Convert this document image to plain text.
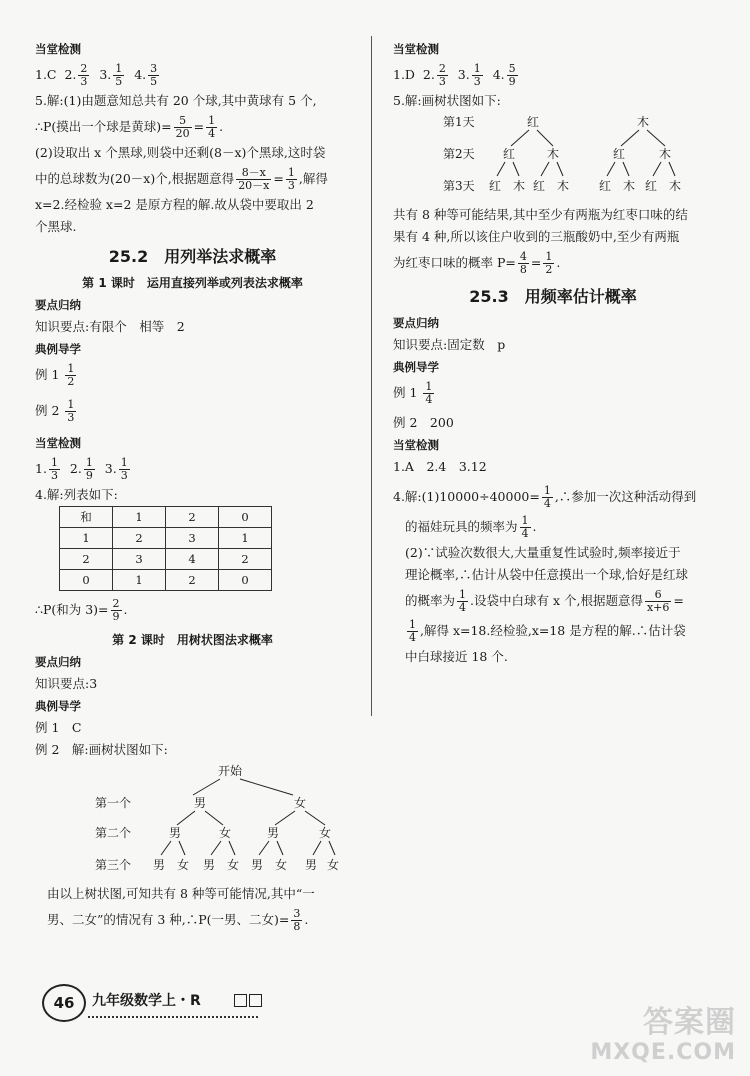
当堂检测
1.C 2. $\frac{2}{3} 3$. $\frac{1}{5} 4$. $\frac{3}{5}$
5.解:(1)由题意知总共有 20 个球,其中黄球有 5 个,
∴P(摸出一个球是黄球)= $\frac{5}{20} = \frac{1}{4}$ .
(2)设取出 x 个黑球,则袋中还剩(8－x)个黑球,这时袋
中的总球数为(20－x)个,根据题意得 $\frac{8-x}{20-x} = \frac{1}{3}$ ,解得
x=2.经检验 x=2 是原方程的解.故从袋中要取出 2
个黑球.
25.2　用列举法求概率
第 1 课时　运用直接列举或列表法求概率
要点归纳
知识要点:有限个　相等　2
典例导学
例 $1 \frac{1}{2}$
例 $2 \frac{1}{3}$
当堂检测
1. $\frac{1}{3} 2$. $\frac{1}{9} 3$. $\frac{1}{3}$
4.解:列表如下:
和	1	2	0
1	2	3	1
2	3	4	2
0	1	2	0
∴P(和为 $3)= \frac{2}{9}$ .
第 2 课时　用树状图法求概率
要点归纳
知识要点:3
典例导学
例 1　C
例 2　解:画树状图如下:
开始
第一个	男	女
第二个	男	女	男	女
第三个 男 女 男 女 男 女 男 女
由以上树状图,可知共有 8 种等可能情况,其中“一
男、二女”的情况有 3 种,∴P(一男、二女)= $\frac{3}{8}$ .
当堂检测
1.D 2. $\frac{2}{3} 3$. $\frac{1}{3} 4$. $\frac{5}{9}$
5.解:画树状图如下:
第1天	红	木
第2天 红	木	红	木
第3天 红 木 红 木 红 木 红 木
共有 8 种等可能结果,其中至少有两瓶为红枣口味的结
果有 4 种,所以该住户收到的三瓶酸奶中,至少有两瓶
为红枣口味的概率 $P= \frac{4}{8} = \frac{1}{2}$ .
25.3　用频率估计概率
要点归纳
知识要点:固定数　p
典例导学
例 $1 \frac{1}{4}$
例 2　200
当堂检测
1.A　2.4　3.12
4.解:(1)10000÷40000= $\frac{1}{4}$ ,∴参加一次这种活动得到
的福娃玩具的频率为 $\frac{1}{4}$ .
(2)∵试验次数很大,大量重复性试验时,频率接近于
理论概率,∴估计从袋中任意摸出一个球,恰好是红球
的概率为 $\frac{1}{4}$ .设袋中白球有 x 个,根据题意得 $\frac{6}{x+6}$ =
$\frac{1}{4}$ ,解得 x=18.经检验,x=18 是方程的解.∴估计袋
中白球接近 18 个.
46	九年级数学上・R
答案圈
MXQE.COM
